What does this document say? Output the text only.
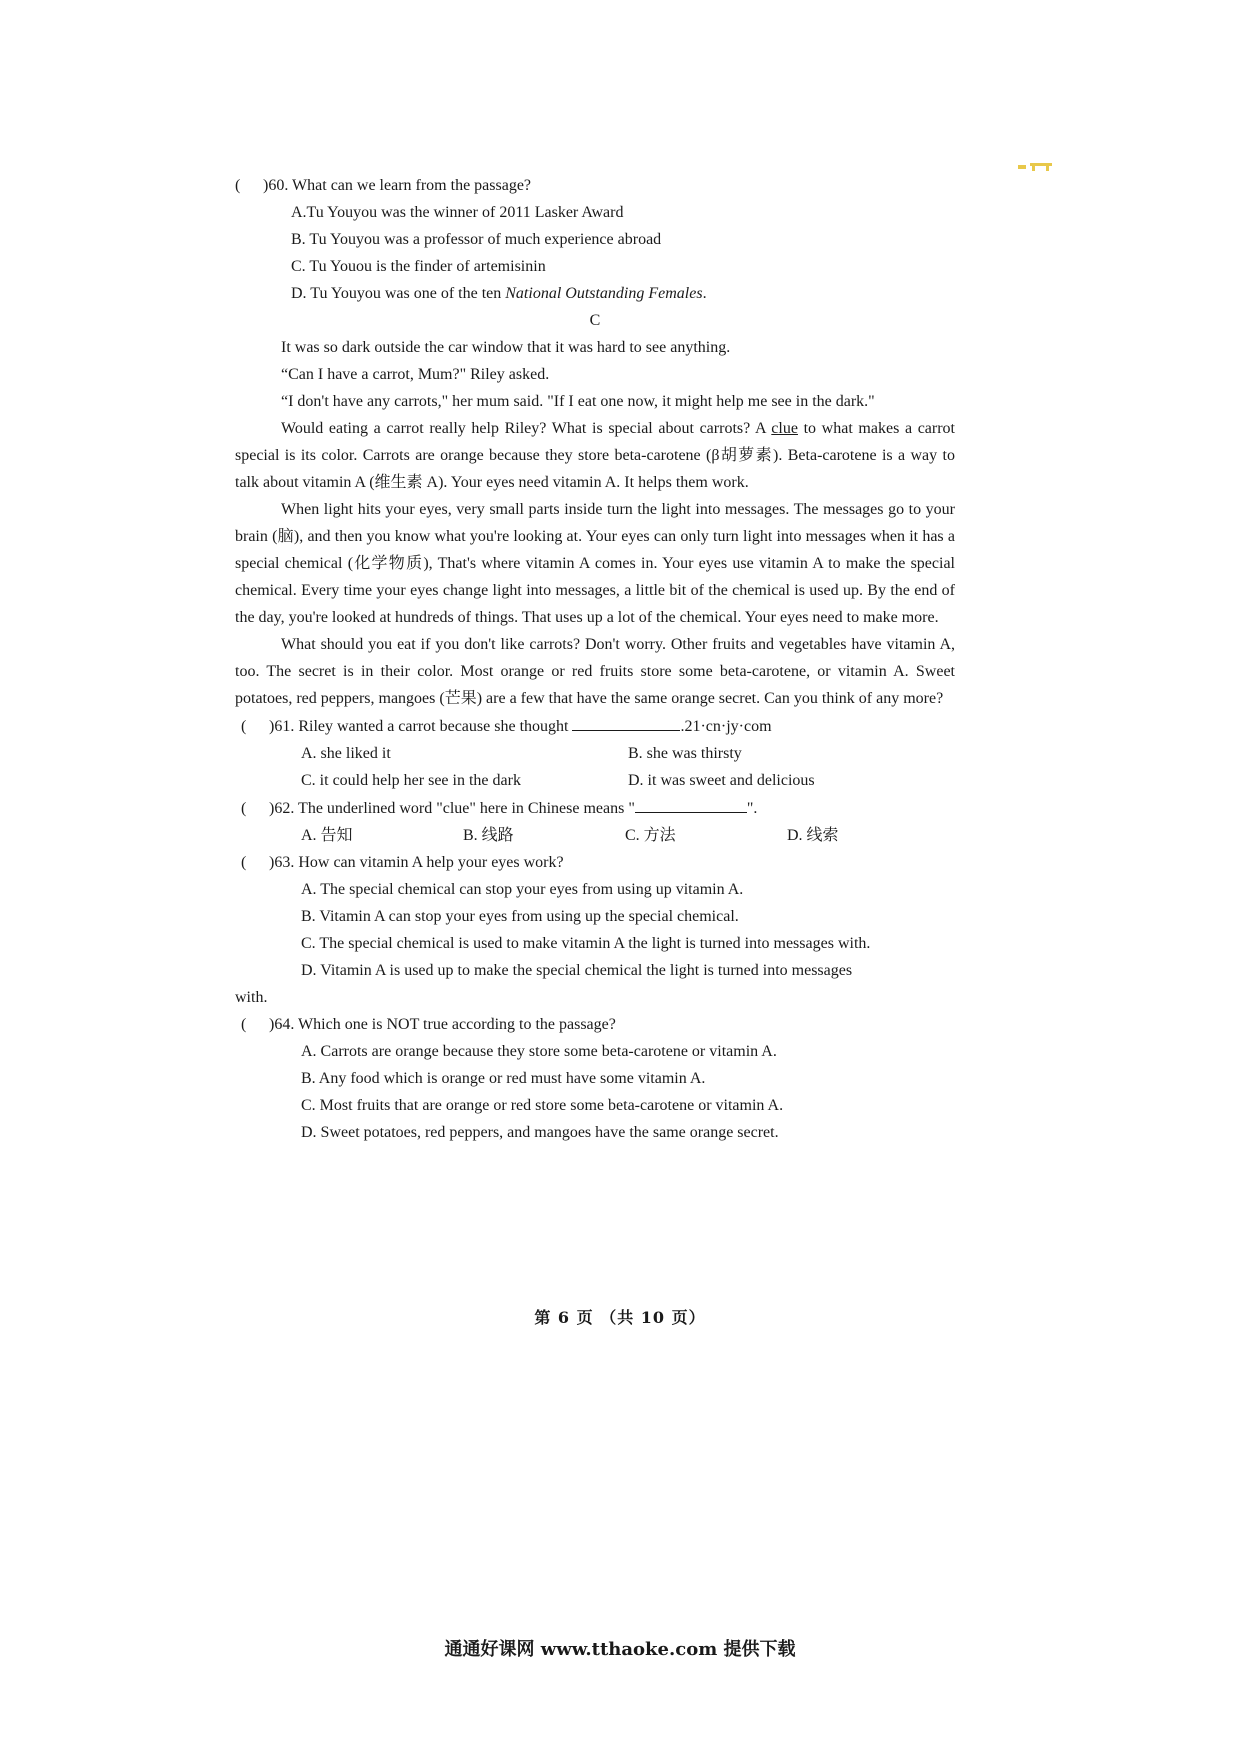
( )60. What can we learn from the passage?

A.Tu Youyou was the winner of 2011 Lasker Award

B. Tu Youyou was a professor of much experience abroad

C. Tu Youou is the finder of artemisinin

D. Tu Youyou was one of the ten National Outstanding Females.

C

It was so dark outside the car window that it was hard to see anything.

“Can I have a carrot, Mum?" Riley asked.

“I don't have any carrots," her mum said. "If I eat one now, it might help me see in the dark."

Would eating a carrot really help Riley? What is special about carrots? A clue to what makes a carrot special is its color. Carrots are orange because they store beta-carotene (β胡萝素). Beta-carotene is a way to talk about vitamin A (维生素 A). Your eyes need vitamin A. It helps them work.

When light hits your eyes, very small parts inside turn the light into messages. The messages go to your brain (脑), and then you know what you're looking at. Your eyes can only turn light into messages when it has a special chemical (化学物质), That's where vitamin A comes in. Your eyes use vitamin A to make the special chemical. Every time your eyes change light into messages, a little bit of the chemical is used up. By the end of the day, you're looked at hundreds of things. That uses up a lot of the chemical. Your eyes need to make more.

What should you eat if you don't like carrots? Don't worry. Other fruits and vegetables have vitamin A, too. The secret is in their color. Most orange or red fruits store some beta-carotene, or vitamin A. Sweet potatoes, red peppers, mangoes (芒果) are a few that have the same orange secret. Can you think of any more?

( )61. Riley wanted a carrot because she thought	.21·cn·jy·com

A. she liked it	B. she was thirsty
C. it could help her see in the dark	D. it was sweet and delicious

( )62. The underlined word "clue" here in Chinese means "	".

A. 告知	B. 线路	C. 方法	D. 线索

( )63. How can vitamin A help your eyes work?

A. The special chemical can stop your eyes from using up vitamin A.

B. Vitamin A can stop your eyes from using up the special chemical.

C. The special chemical is used to make vitamin A the light is turned into messages with.

D. Vitamin A is used up to make the special chemical the light is turned into messages

with.

( )64. Which one is NOT true according to the passage?

A. Carrots are orange because they store some beta-carotene or vitamin A.

B. Any food which is orange or red must have some vitamin A.

C. Most fruits that are orange or red store some beta-carotene or vitamin A.

D. Sweet potatoes, red peppers, and mangoes have the same orange secret.

第 6 页 （共 10 页）
通通好课网 www.tthaoke.com 提供下载
